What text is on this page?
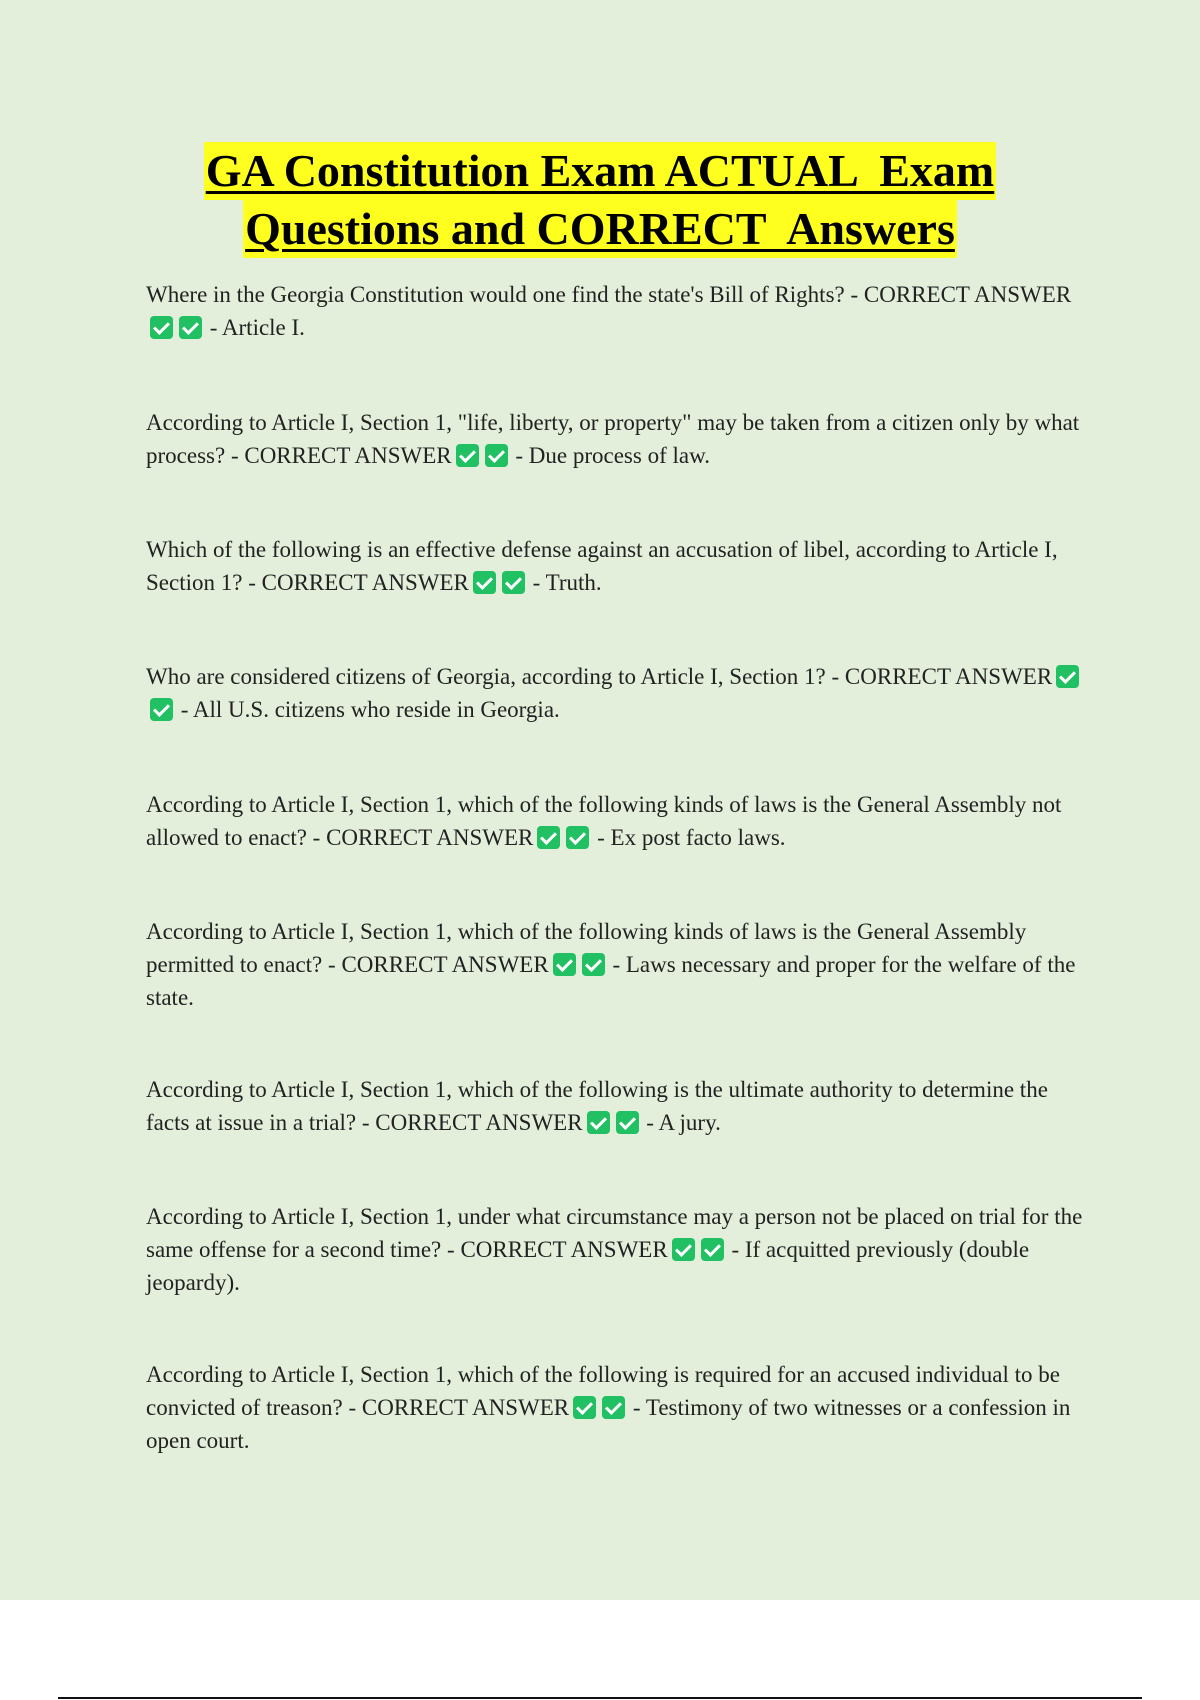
GA Constitution Exam ACTUAL  Exam
Questions and CORRECT  Answers
Where in the Georgia Constitution would one find the state's Bill of Rights? - CORRECT ANSWER - Article I.
According to Article I, Section 1, "life, liberty, or property" may be taken from a citizen only by what process? - CORRECT ANSWER	- Due process of law.
Which of the following is an effective defense against an accusation of libel, according to Article I, Section 1? - CORRECT ANSWER	- Truth.
Who are considered citizens of Georgia, according to Article I, Section 1? - CORRECT ANSWER - All U.S. citizens who reside in Georgia.
According to Article I, Section 1, which of the following kinds of laws is the General Assembly not allowed to enact? - CORRECT ANSWER	- Ex post facto laws.
According to Article I, Section 1, which of the following kinds of laws is the General Assembly permitted to enact? - CORRECT ANSWER	- Laws necessary and proper for the welfare of the state.
According to Article I, Section 1, which of the following is the ultimate authority to determine the facts at issue in a trial? - CORRECT ANSWER	- A jury.
According to Article I, Section 1, under what circumstance may a person not be placed on trial for the same offense for a second time? - CORRECT ANSWER	- If acquitted previously (double jeopardy).
According to Article I, Section 1, which of the following is required for an accused individual to be convicted of treason? - CORRECT ANSWER	- Testimony of two witnesses or a confession in open court.
